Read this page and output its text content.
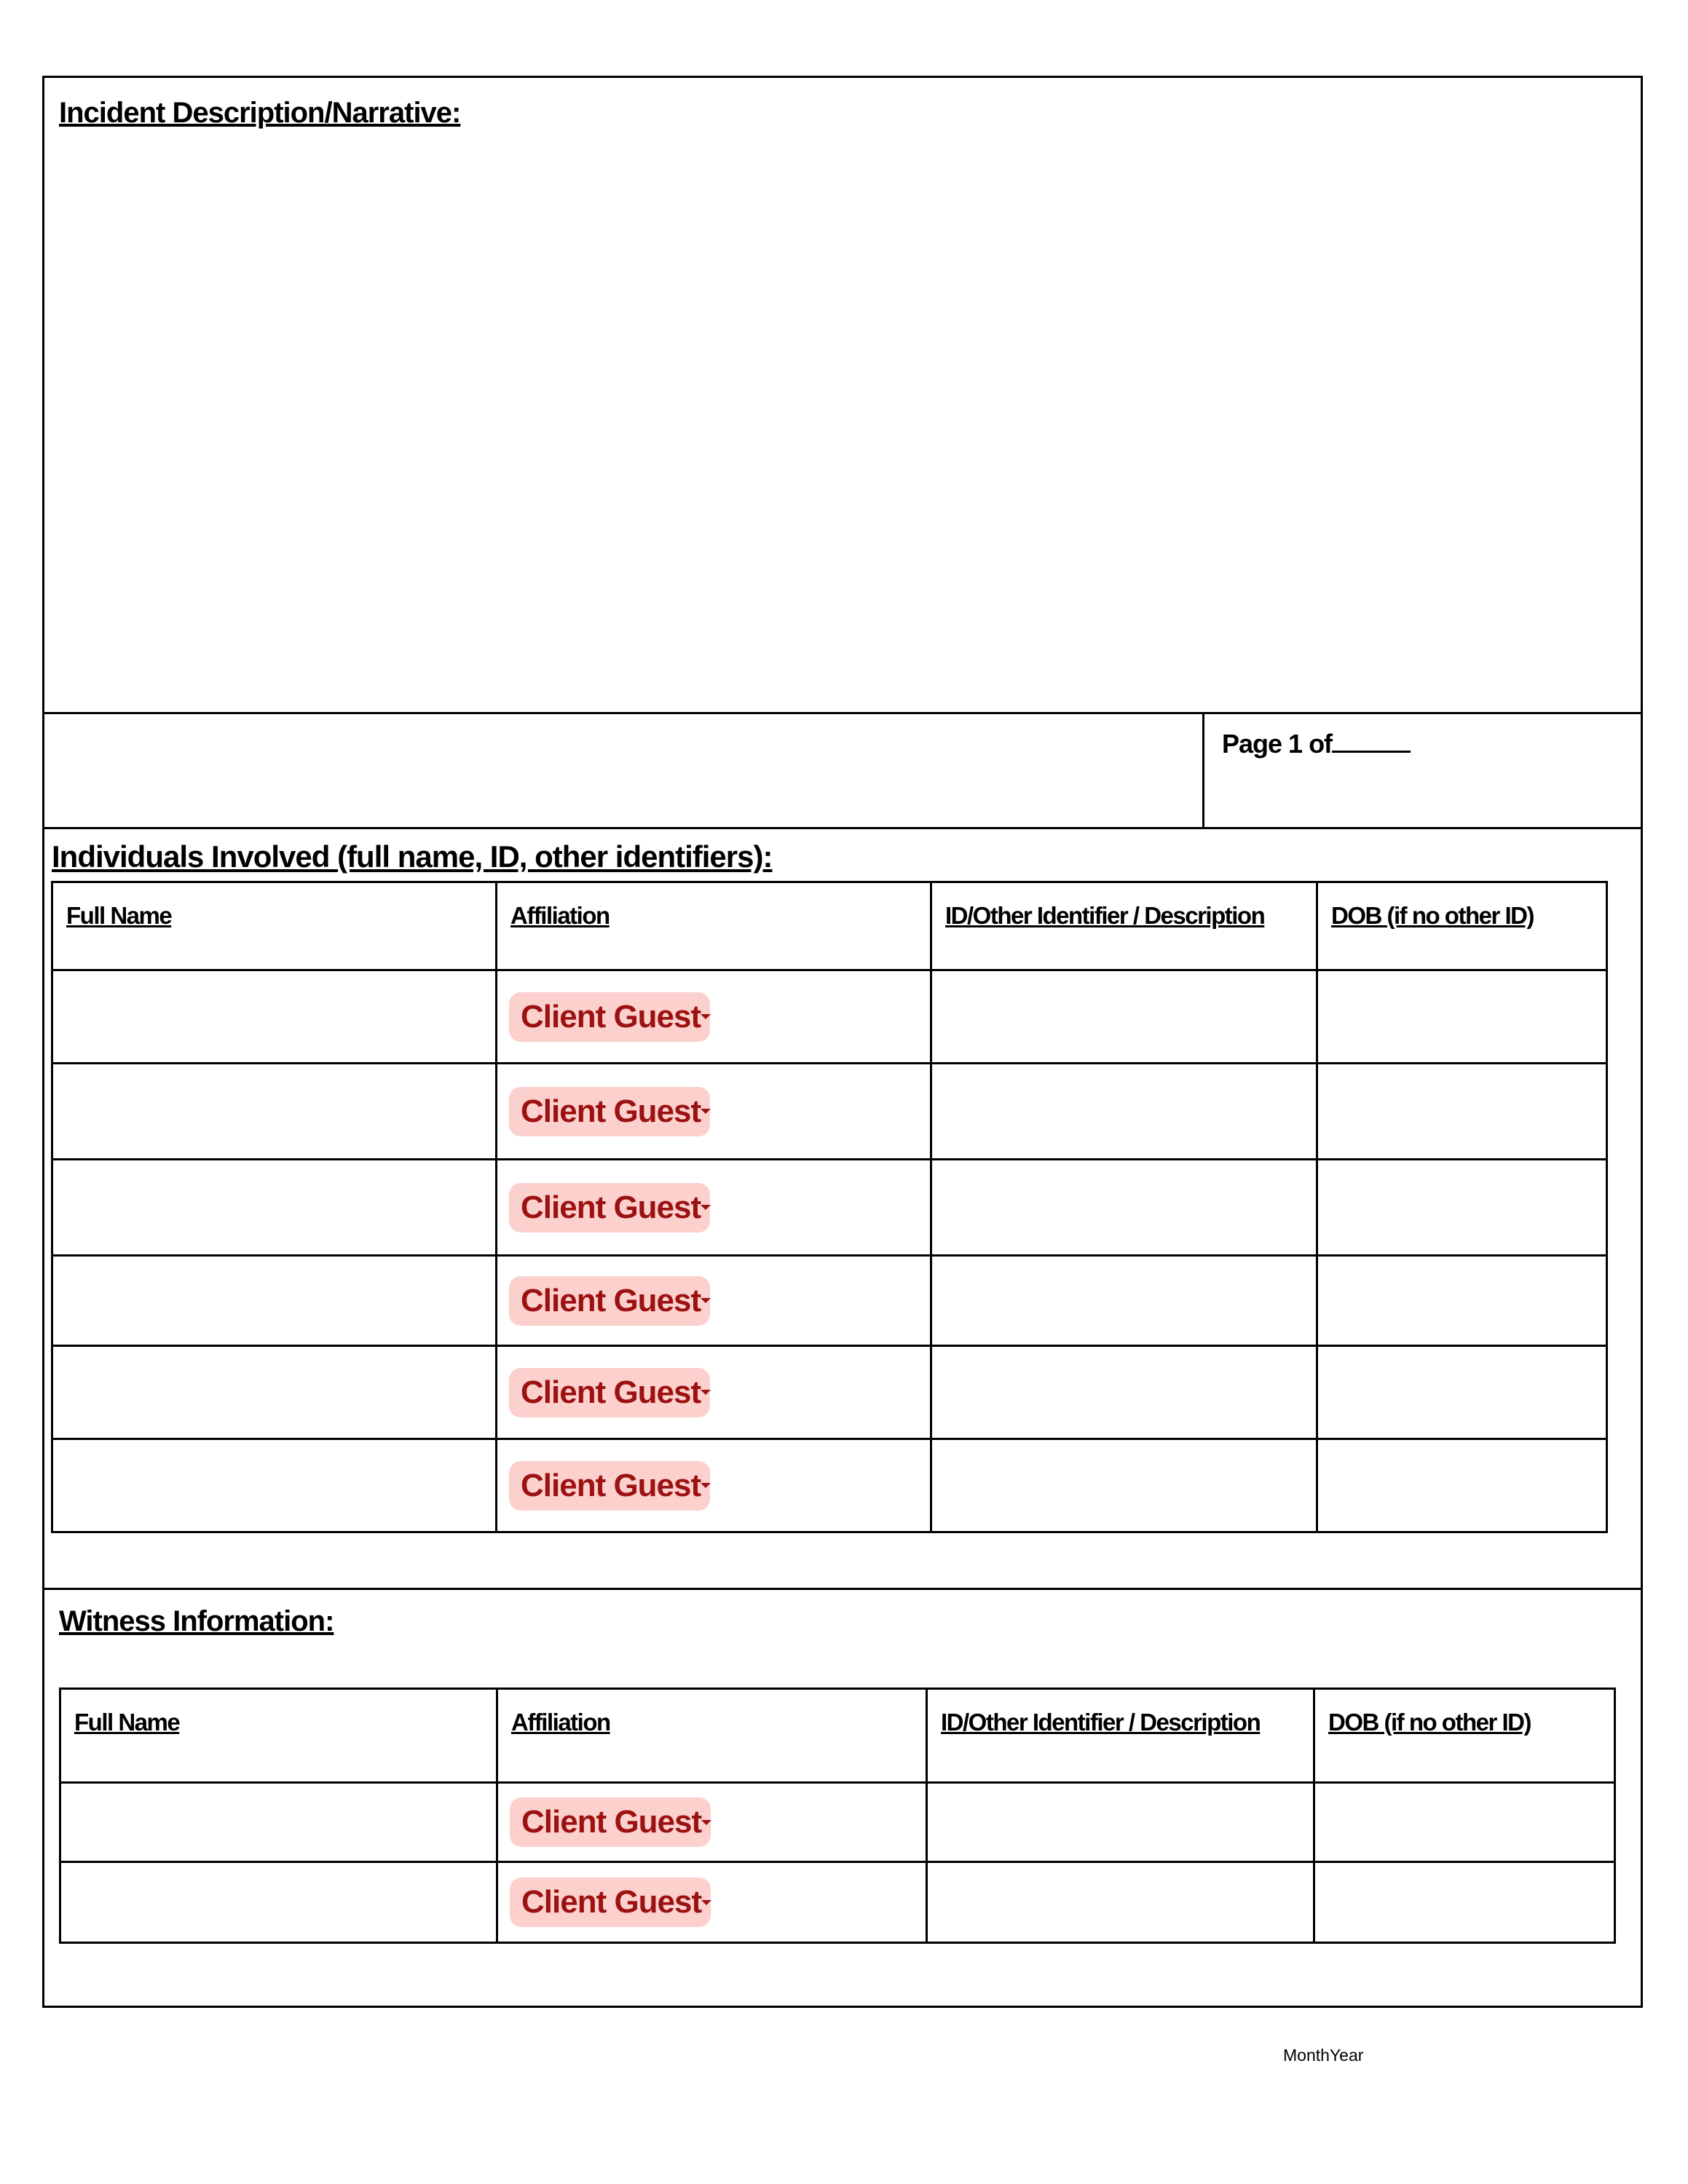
Incident Description/Narrative:
Page 1 of
Individuals Involved (full name, ID, other identifiers):
Full Name	Affiliation	ID/Other Identifier / Description	DOB (if no other ID)

	Client Guest		

	Client Guest		

	Client Guest		

	Client Guest		

	Client Guest		

	Client Guest		

Witness Information:
Full Name	Affiliation	ID/Other Identifier / Description	DOB (if no other ID)

	Client Guest		

	Client Guest		

MonthYear
